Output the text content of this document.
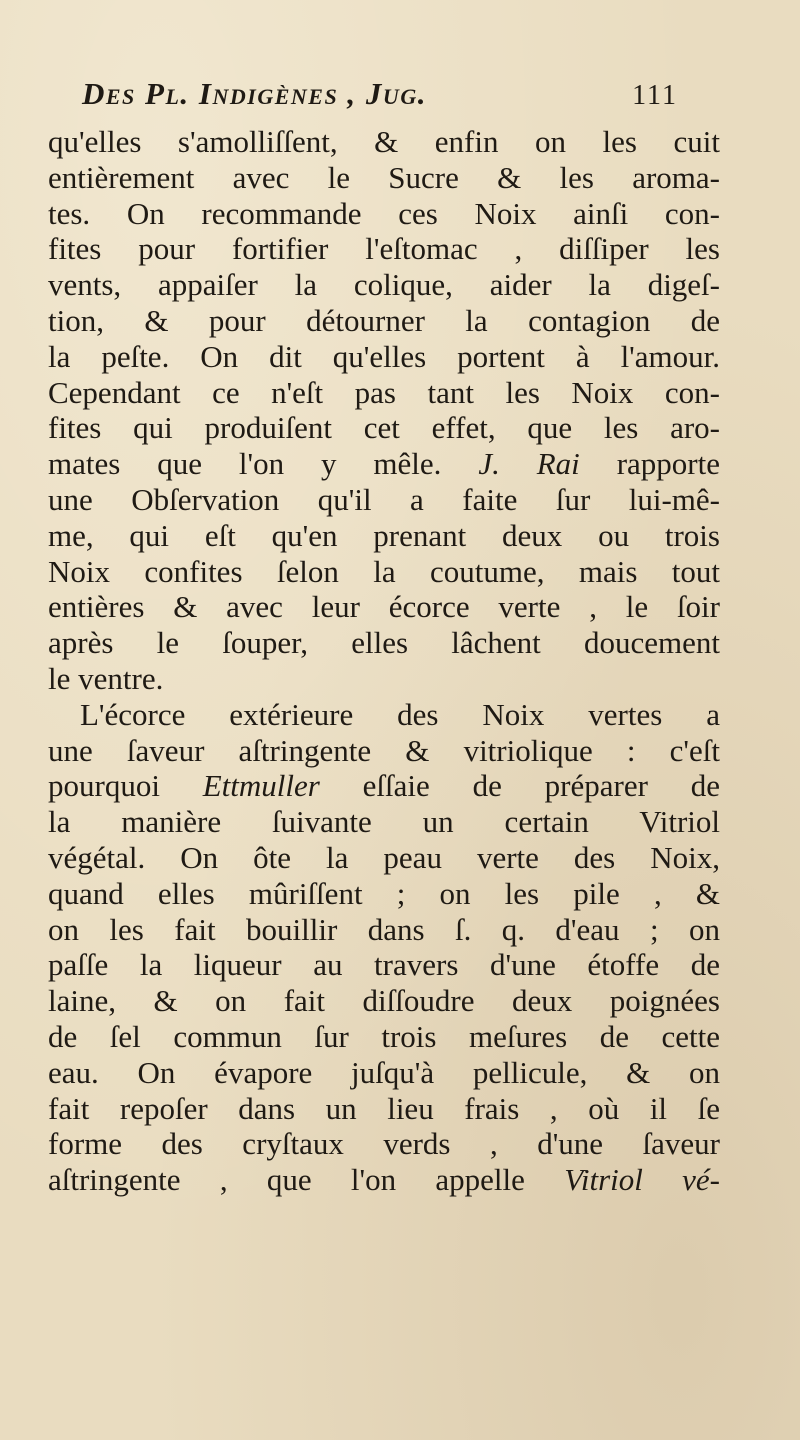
Des Pl. Indigènes , Jug.	111
qu'elles s'amolliſſent, & enfin on les cuit
entièrement avec le Sucre & les aroma-
tes. On recommande ces Noix ainſi con-
fites pour fortifier l'eſtomac , diſſiper les
vents, appaiſer la colique, aider la digeſ-
tion, & pour détourner la contagion de
la peſte. On dit qu'elles portent à l'amour.
Cependant ce n'eſt pas tant les Noix con-
fites qui produiſent cet effet, que les aro-
mates que l'on y mêle. J. Rai rapporte
une Obſervation qu'il a faite ſur lui-mê-
me, qui eſt qu'en prenant deux ou trois
Noix confites ſelon la coutume, mais tout
entières & avec leur écorce verte , le ſoir
après le ſouper, elles lâchent doucement
le ventre.
L'écorce extérieure des Noix vertes a
une ſaveur aſtringente & vitriolique : c'eſt
pourquoi Ettmuller eſſaie de préparer de
la manière ſuivante un certain Vitriol
végétal. On ôte la peau verte des Noix,
quand elles mûriſſent ; on les pile , &
on les fait bouillir dans ſ. q. d'eau ; on
paſſe la liqueur au travers d'une étoffe de
laine, & on fait diſſoudre deux poignées
de ſel commun ſur trois meſures de cette
eau. On évapore juſqu'à pellicule, & on
fait repoſer dans un lieu frais , où il ſe
forme des cryſtaux verds , d'une ſaveur
aſtringente , que l'on appelle Vitriol vé-
